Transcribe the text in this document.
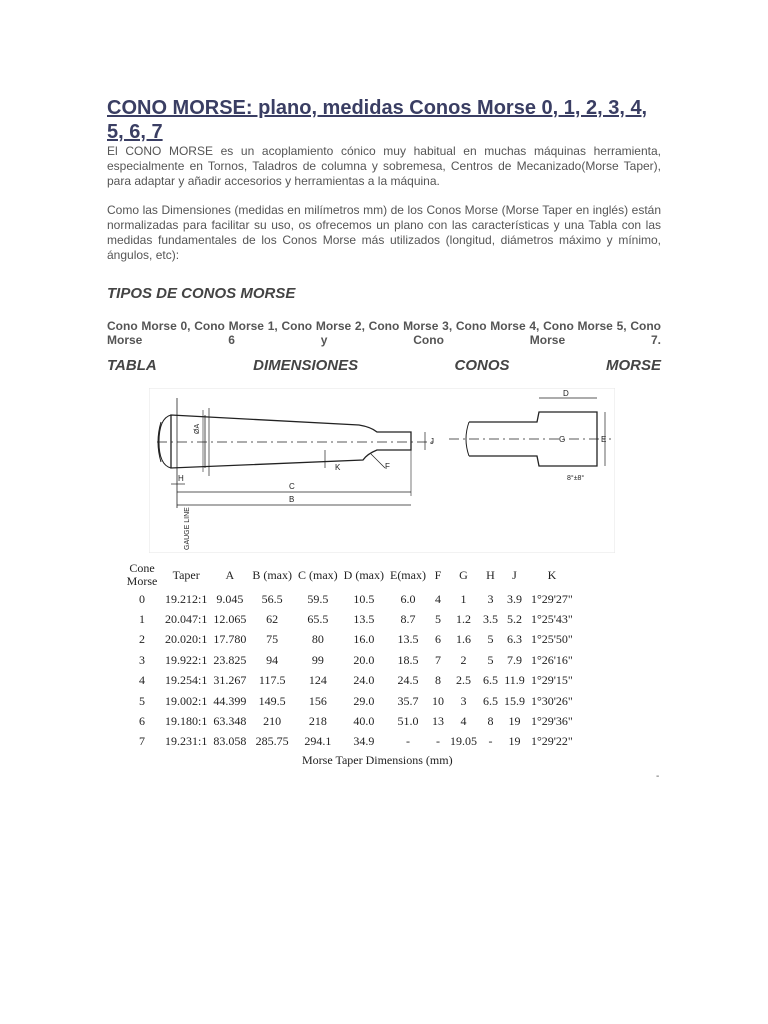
CONO MORSE: plano, medidas Conos Morse 0, 1, 2, 3, 4, 5, 6, 7

El CONO MORSE es un acoplamiento cónico muy habitual en muchas máquinas herramienta, especialmente en Tornos, Taladros de columna y sobremesa, Centros de Mecanizado(Morse Taper), para adaptar y añadir accesorios y herramientas a la máquina.

Como las Dimensiones (medidas en milímetros mm) de los Conos Morse (Morse Taper en inglés) están normalizadas para facilitar su uso, os ofrecemos un plano con las características y una Tabla con las medidas fundamentales de los Conos Morse más utilizados (longitud, diámetros máximo y mínimo, ángulos, etc):

TIPOS DE CONOS MORSE

Cono Morse 0, Cono Morse 1, Cono Morse 2, Cono Morse 3, Cono Morse 4, Cono Morse 5, Cono Morse 6 y Cono Morse 7.

TABLA	DIMENSIONES	CONOS	MORSE
ØA
H
C
B
K	F
J
GAUGE LINE
D
E
G
8°±8°
Cone Morse	Taper	A	B (max)	C (max)	D (max)	E(max)	F	G	H	J	K
0	19.212:1	9.045	56.5	59.5	10.5	6.0	4	1	3	3.9	1°29'27"
1	20.047:1	12.065	62	65.5	13.5	8.7	5	1.2	3.5	5.2	1°25'43"
2	20.020:1	17.780	75	80	16.0	13.5	6	1.6	5	6.3	1°25'50"
3	19.922:1	23.825	94	99	20.0	18.5	7	2	5	7.9	1°26'16"
4	19.254:1	31.267	117.5	124	24.0	24.5	8	2.5	6.5	11.9	1°29'15"
5	19.002:1	44.399	149.5	156	29.0	35.7	10	3	6.5	15.9	1°30'26"
6	19.180:1	63.348	210	218	40.0	51.0	13	4	8	19	1°29'36"
7	19.231:1	83.058	285.75	294.1	34.9	-	-	19.05	-	19	1°29'22"
Morse Taper Dimensions (mm)
-
